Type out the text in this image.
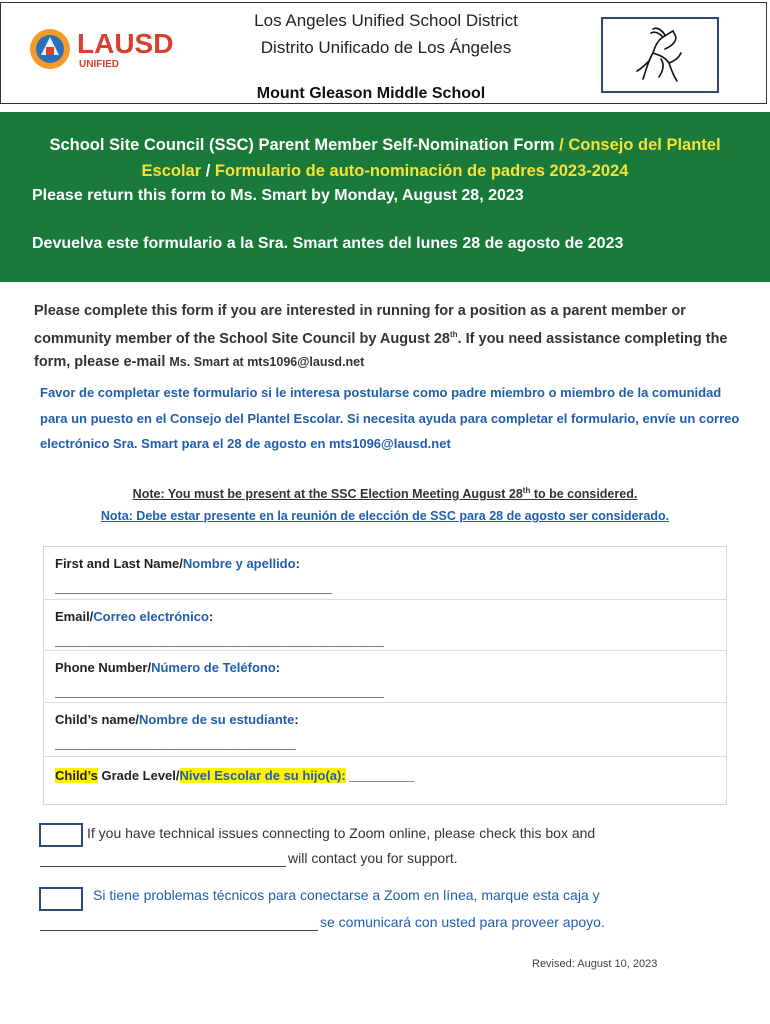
LAUSD
UNIFIED
Los Angeles Unified School District
Distrito Unificado de Los Ángeles
Mount Gleason Middle School
School Site Council (SSC) Parent Member Self-Nomination Form / Consejo del Plantel Escolar / Formulario de auto-nominación de padres 2023-2024
Please return this form to Ms. Smart by Monday, August 28, 2023
Devuelva este formulario a la Sra. Smart antes del lunes 28 de agosto de 2023
Please complete this form if you are interested in running for a position as a parent member or community member of the School Site Council by August 28th. If you need assistance completing the form, please e-mail Ms. Smart at mts1096@lausd.net
Favor de completar este formulario si le interesa postularse como padre miembro o miembro de la comunidad para un puesto en el Consejo del Plantel Escolar. Si necesita ayuda para completar el formulario, envíe un correo electrónico Sra. Smart para el 28 de agosto en mts1096@lausd.net
Note: You must be present at the SSC Election Meeting August 28th to be considered.
Nota: Debe estar presente en la reunión de elección de SSC para 28 de agosto ser considerado.
First and Last Name/Nombre y apellido:
______________________________________
Email/Correo electrónico:
_____________________________________________
Phone Number/Número de Teléfono:
_____________________________________________
Child’s name/Nombre de su estudiante:
_________________________________
Child’s Grade Level/Nivel Escolar de su hijo(a): _________
If you have technical issues connecting to Zoom online, please check this box and
will contact you for support.
Si tiene problemas técnicos para conectarse a Zoom en línea, marque esta caja y
se comunicará con usted para proveer apoyo.
Revised: August 10, 2023
